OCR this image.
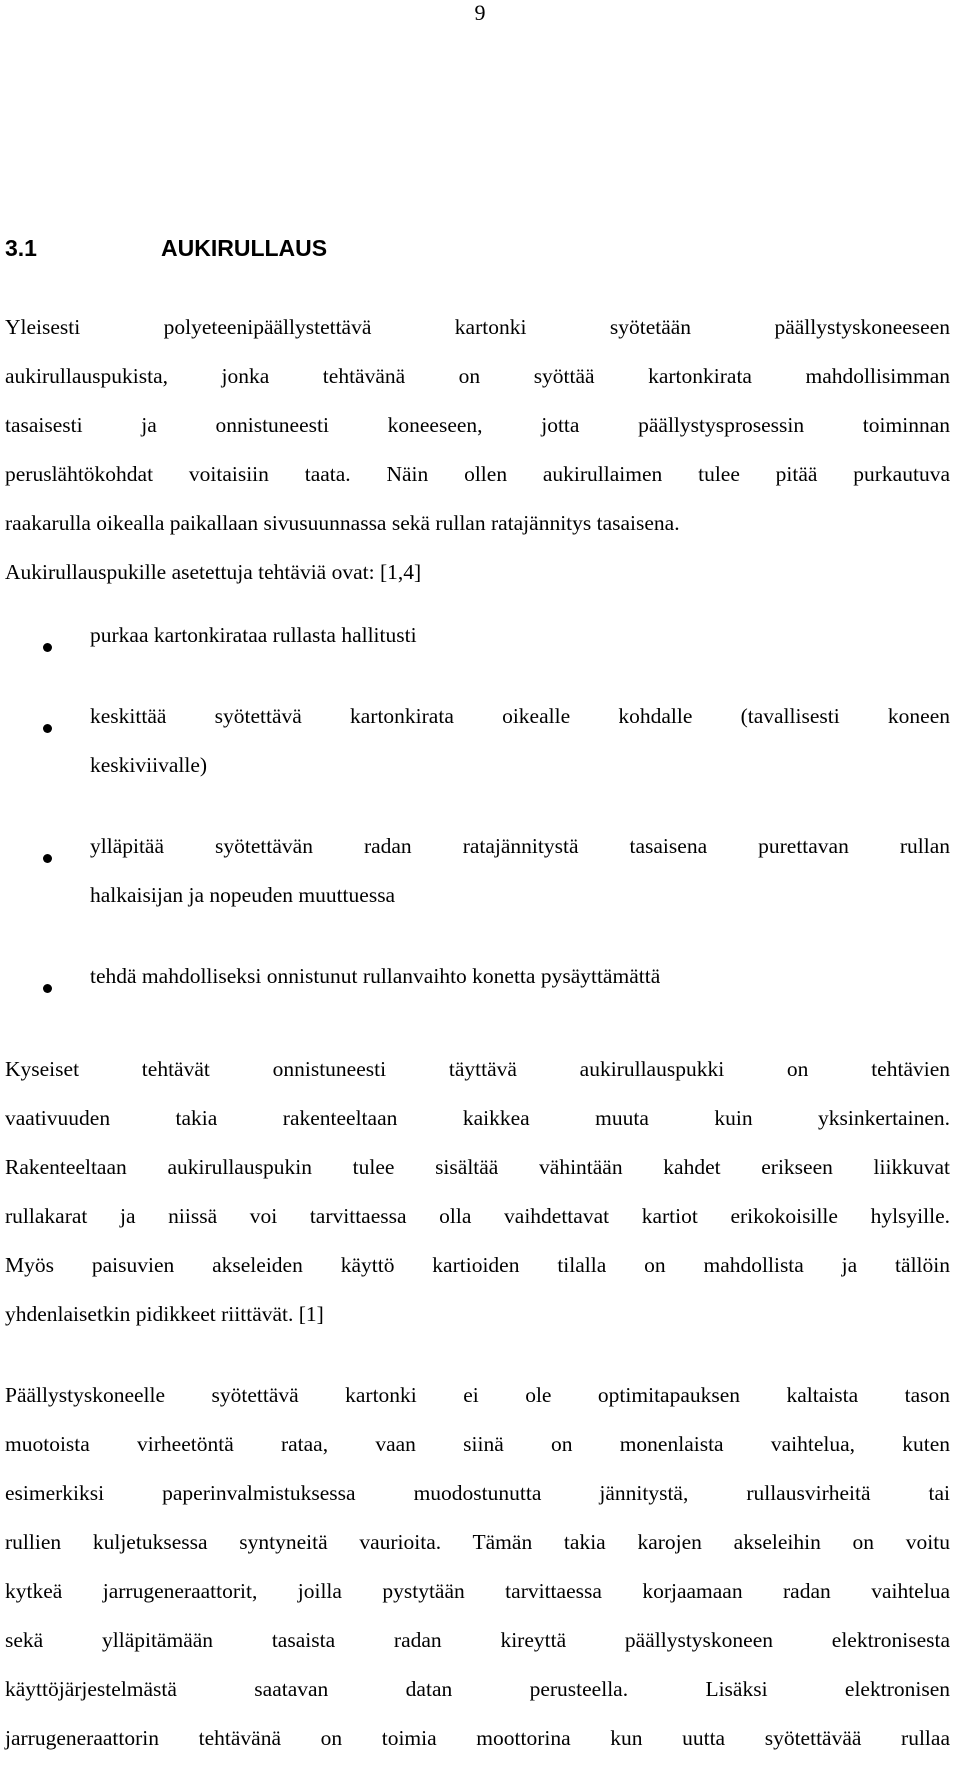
9
3.1	AUKIRULLAUS
Yleisesti polyeteenipäällystettävä kartonki syötetään päällystyskoneeseen
aukirullauspukista, jonka tehtävänä on syöttää kartonkirata mahdollisimman
tasaisesti ja onnistuneesti koneeseen, jotta päällystysprosessin toiminnan
peruslähtökohdat voitaisiin taata. Näin ollen aukirullaimen tulee pitää purkautuva
raakarulla oikealla paikallaan sivusuunnassa sekä rullan ratajännitys tasaisena.
Aukirullauspukille asetettuja tehtäviä ovat: [1,4]
purkaa kartonkirataa rullasta hallitusti
keskittää syötettävä kartonkirata oikealle kohdalle (tavallisesti koneen
keskiviivalle)
ylläpitää syötettävän radan ratajännitystä tasaisena purettavan rullan
halkaisijan ja nopeuden muuttuessa
tehdä mahdolliseksi onnistunut rullanvaihto konetta pysäyttämättä
Kyseiset tehtävät onnistuneesti täyttävä aukirullauspukki on tehtävien
vaativuuden takia rakenteeltaan kaikkea muuta kuin yksinkertainen.
Rakenteeltaan aukirullauspukin tulee sisältää vähintään kahdet erikseen liikkuvat
rullakarat ja niissä voi tarvittaessa olla vaihdettavat kartiot erikokoisille hylsyille.
Myös paisuvien akseleiden käyttö kartioiden tilalla on mahdollista ja tällöin
yhdenlaisetkin pidikkeet riittävät. [1]
Päällystyskoneelle syötettävä kartonki ei ole optimitapauksen kaltaista tason
muotoista virheetöntä rataa, vaan siinä on monenlaista vaihtelua, kuten
esimerkiksi paperinvalmistuksessa muodostunutta jännitystä, rullausvirheitä tai
rullien kuljetuksessa syntyneitä vaurioita. Tämän takia karojen akseleihin on voitu
kytkeä jarrugeneraattorit, joilla pystytään tarvittaessa korjaamaan radan vaihtelua
sekä ylläpitämään tasaista radan kireyttä päällystyskoneen elektronisesta
käyttöjärjestelmästä saatavan datan perusteella. Lisäksi elektronisen
jarrugeneraattorin tehtävänä on toimia moottorina kun uutta syötettävää rullaa
